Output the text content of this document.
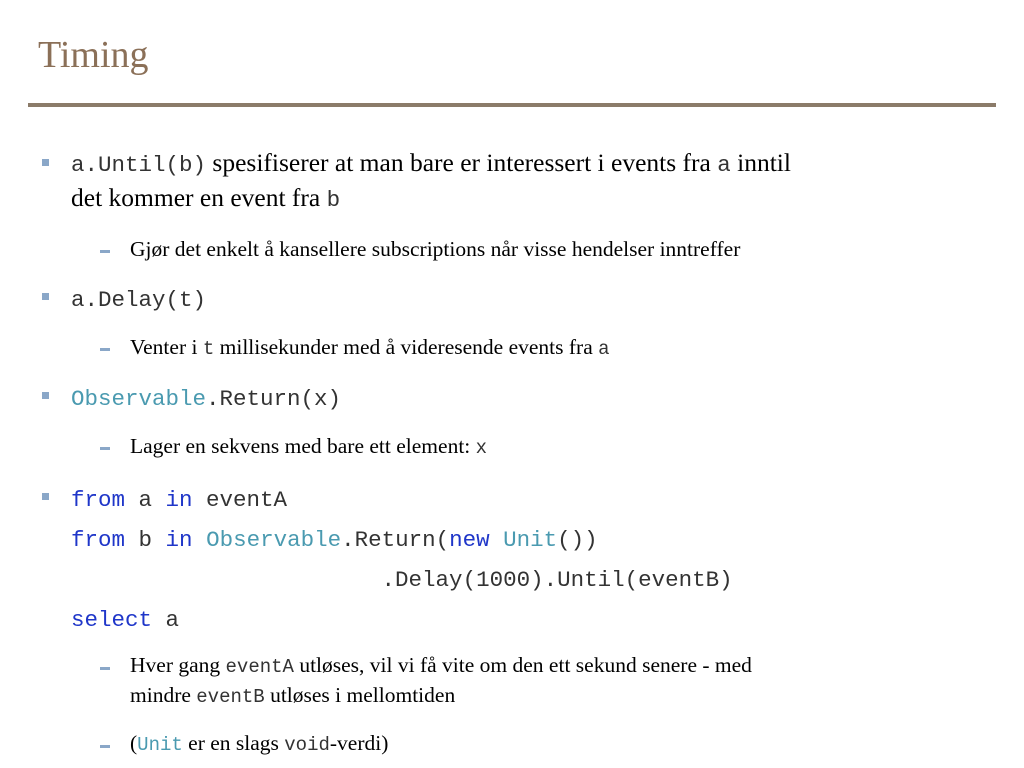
Timing
a.Until(b) spesifiserer at man bare er interessert i events fra a inntil
det kommer en event fra b
Gjør det enkelt å kansellere subscriptions når visse hendelser inntreffer
a.Delay(t)
Venter i t millisekunder med å videresende events fra a
Observable.Return(x)
Lager en sekvens med bare ett element: x
from a in eventA
from b in Observable.Return(new Unit())
.Delay(1000).Until(eventB)
select a
Hver gang eventA utløses, vil vi få vite om den ett sekund senere - med
mindre eventB utløses i mellomtiden
(Unit er en slags void-verdi)
